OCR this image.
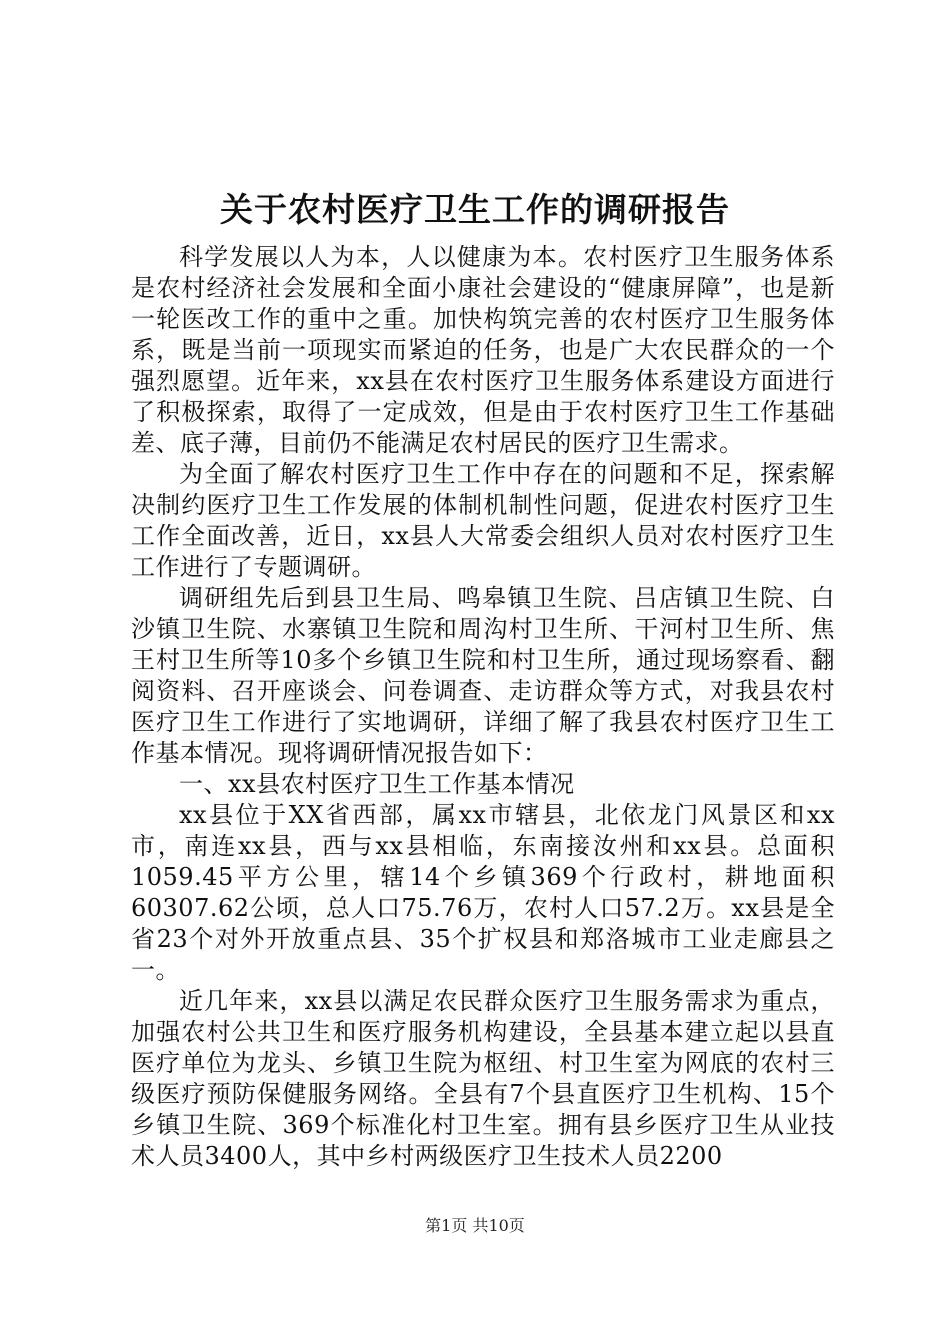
关于农村医疗卫生工作的调研报告

科学发展以人为本，人以健康为本。农村医疗卫生服务体系是农村经济社会发展和全面小康社会建设的“健康屏障”，也是新一轮医改工作的重中之重。加快构筑完善的农村医疗卫生服务体系，既是当前一项现实而紧迫的任务，也是广大农民群众的一个强烈愿望。近年来，xx县在农村医疗卫生服务体系建设方面进行了积极探索，取得了一定成效，但是由于农村医疗卫生工作基础差、底子薄，目前仍不能满足农村居民的医疗卫生需求。

为全面了解农村医疗卫生工作中存在的问题和不足，探索解决制约医疗卫生工作发展的体制机制性问题，促进农村医疗卫生工作全面改善，近日，xx县人大常委会组织人员对农村医疗卫生工作进行了专题调研。

调研组先后到县卫生局、鸣皋镇卫生院、吕店镇卫生院、白沙镇卫生院、水寨镇卫生院和周沟村卫生所、干河村卫生所、焦王村卫生所等10多个乡镇卫生院和村卫生所，通过现场察看、翻阅资料、召开座谈会、问卷调查、走访群众等方式，对我县农村医疗卫生工作进行了实地调研，详细了解了我县农村医疗卫生工作基本情况。现将调研情况报告如下：

一、xx县农村医疗卫生工作基本情况

xx县位于XX省西部，属xx市辖县，北依龙门风景区和xx市，南连xx县，西与xx县相临，东南接汝州和xx县。总面积1059.45平方公里，辖14个乡镇369个行政村，耕地面积60307.62公顷，总人口75.76万，农村人口57.2万。xx县是全省23个对外开放重点县、35个扩权县和郑洛城市工业走廊县之一。

近几年来，xx县以满足农民群众医疗卫生服务需求为重点，加强农村公共卫生和医疗服务机构建设，全县基本建立起以县直医疗单位为龙头、乡镇卫生院为枢纽、村卫生室为网底的农村三级医疗预防保健服务网络。全县有7个县直医疗卫生机构、15个乡镇卫生院、369个标准化村卫生室。拥有县乡医疗卫生从业技术人员3400人，其中乡村两级医疗卫生技术人员2200

第1页 共10页
